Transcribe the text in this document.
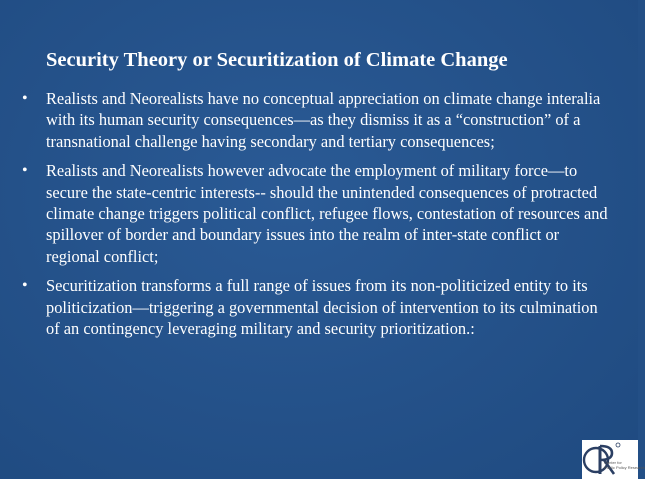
Security Theory or Securitization of Climate Change
• Realists and Neorealists have no conceptual appreciation on climate change interalia with its human security consequences—as they dismiss it as a “construction” of a transnational challenge having secondary and tertiary consequences;
• Realists and Neorealists however advocate the employment of military force—to secure the state-centric interests-- should the unintended consequences of protracted climate change triggers political conflict, refugee flows, contestation of resources and spillover of border and boundary issues into the realm of inter-state conflict or regional conflict;
• Securitization transforms a full range of issues from its non-politicized entity to its politicization—triggering a governmental decision of intervention to its culmination of an contingency leveraging military and security prioritization.:
Center for
Public Policy Research
